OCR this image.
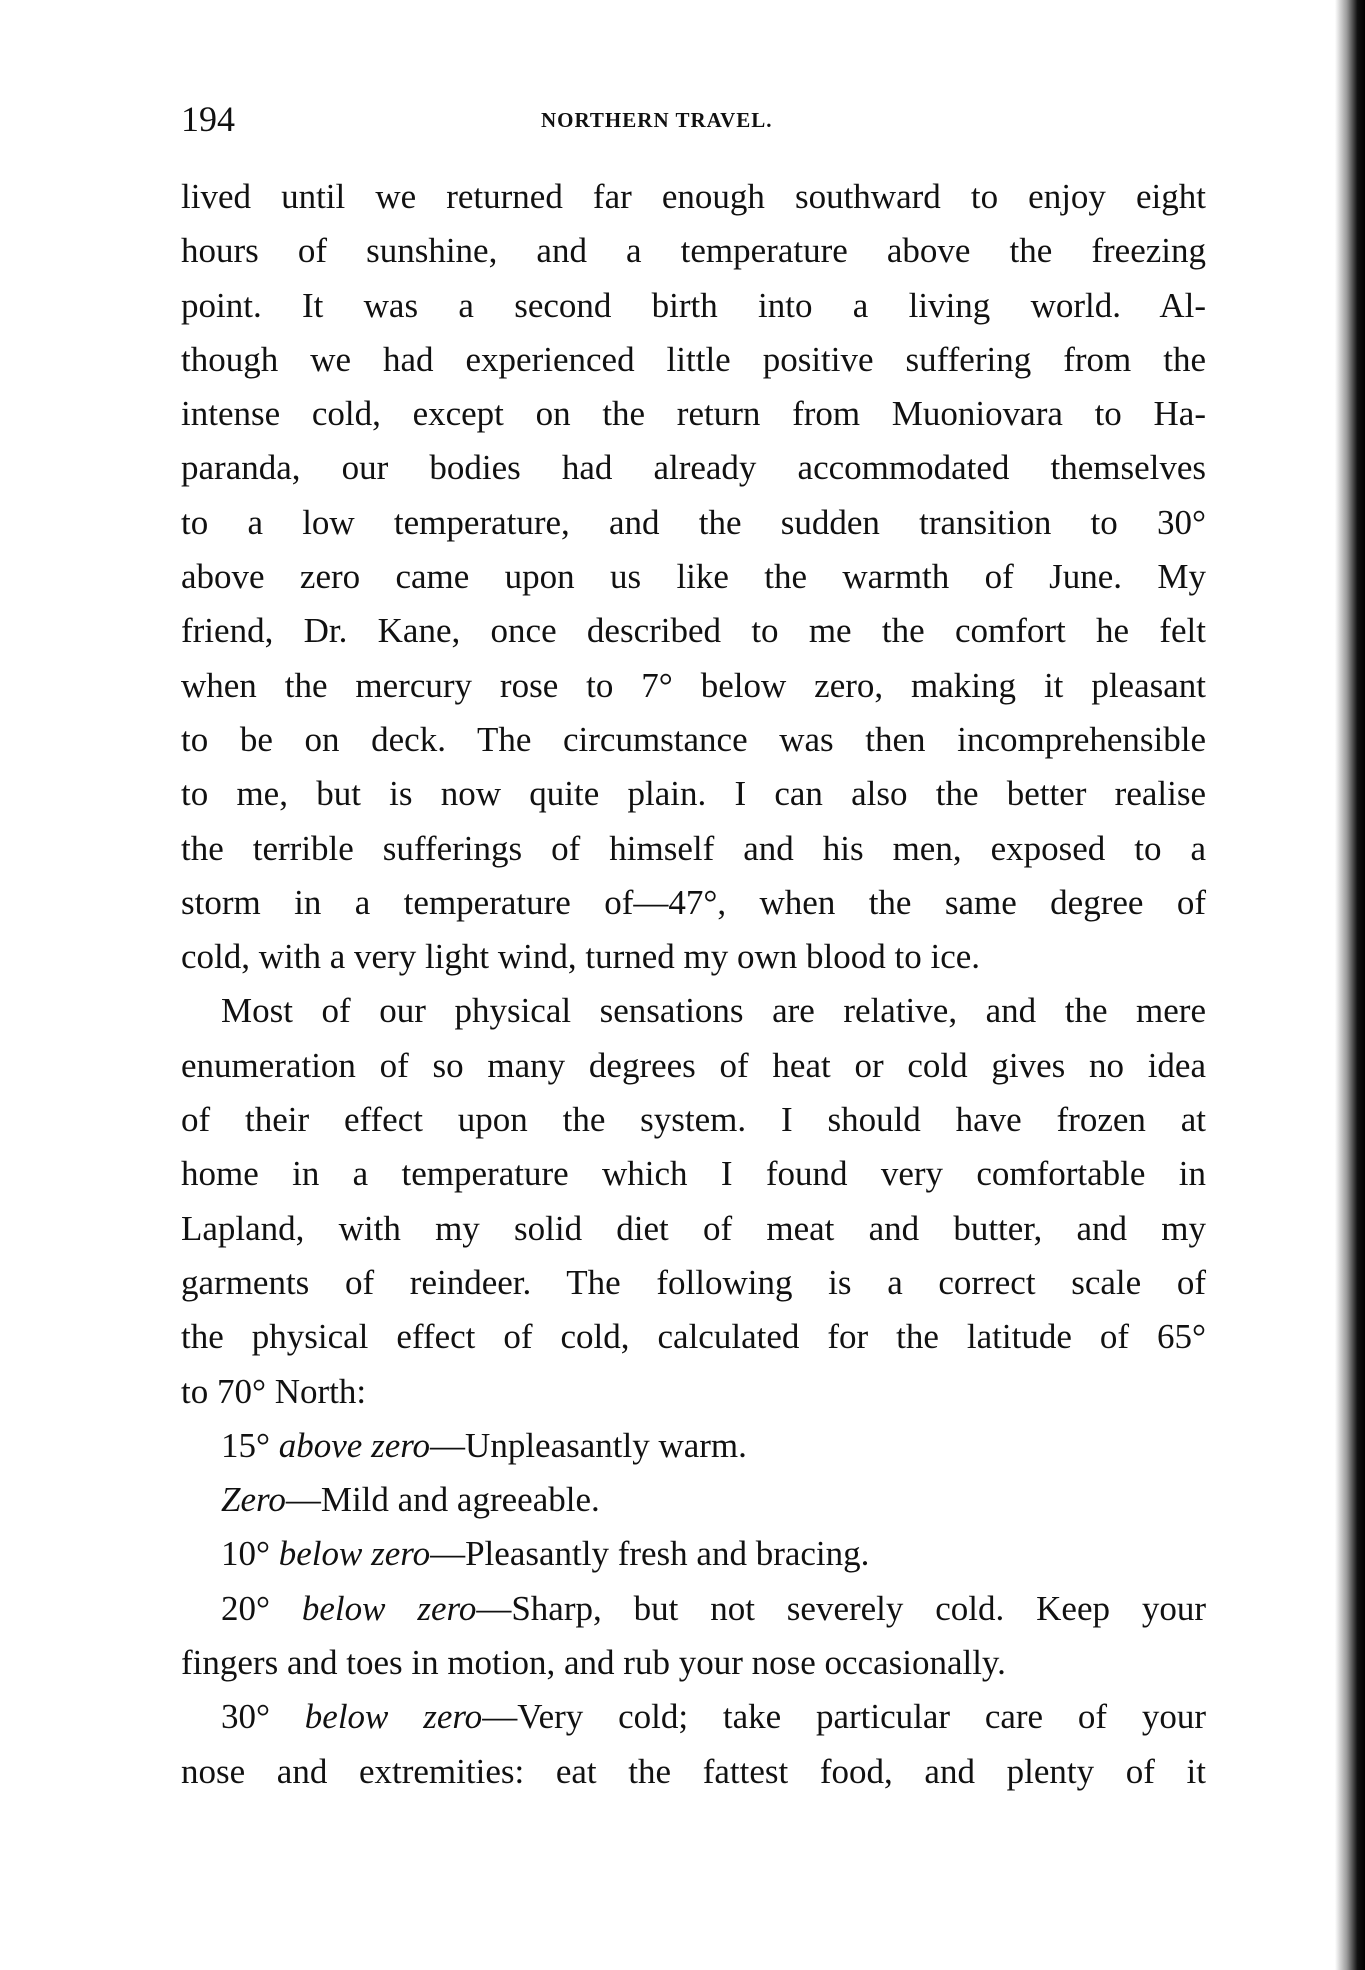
194	NORTHERN TRAVEL.
lived until we returned far enough southward to enjoy eight
hours of sunshine, and a temperature above the freezing
point. It was a second birth into a living world. Al-
though we had experienced little positive suffering from the
intense cold, except on the return from Muoniovara to Ha-
paranda, our bodies had already accommodated themselves
to a low temperature, and the sudden transition to 30°
above zero came upon us like the warmth of June. My
friend, Dr. Kane, once described to me the comfort he felt
when the mercury rose to 7° below zero, making it pleasant
to be on deck. The circumstance was then incomprehensible
to me, but is now quite plain. I can also the better realise
the terrible sufferings of himself and his men, exposed to a
storm in a temperature of—47°, when the same degree of
cold, with a very light wind, turned my own blood to ice.
Most of our physical sensations are relative, and the mere
enumeration of so many degrees of heat or cold gives no idea
of their effect upon the system. I should have frozen at
home in a temperature which I found very comfortable in
Lapland, with my solid diet of meat and butter, and my
garments of reindeer. The following is a correct scale of
the physical effect of cold, calculated for the latitude of 65°
to 70° North:
15° above zero—Unpleasantly warm.
Zero—Mild and agreeable.
10° below zero—Pleasantly fresh and bracing.
20° below zero—Sharp, but not severely cold. Keep your
fingers and toes in motion, and rub your nose occasionally.
30° below zero—Very cold; take particular care of your
nose and extremities: eat the fattest food, and plenty of it
